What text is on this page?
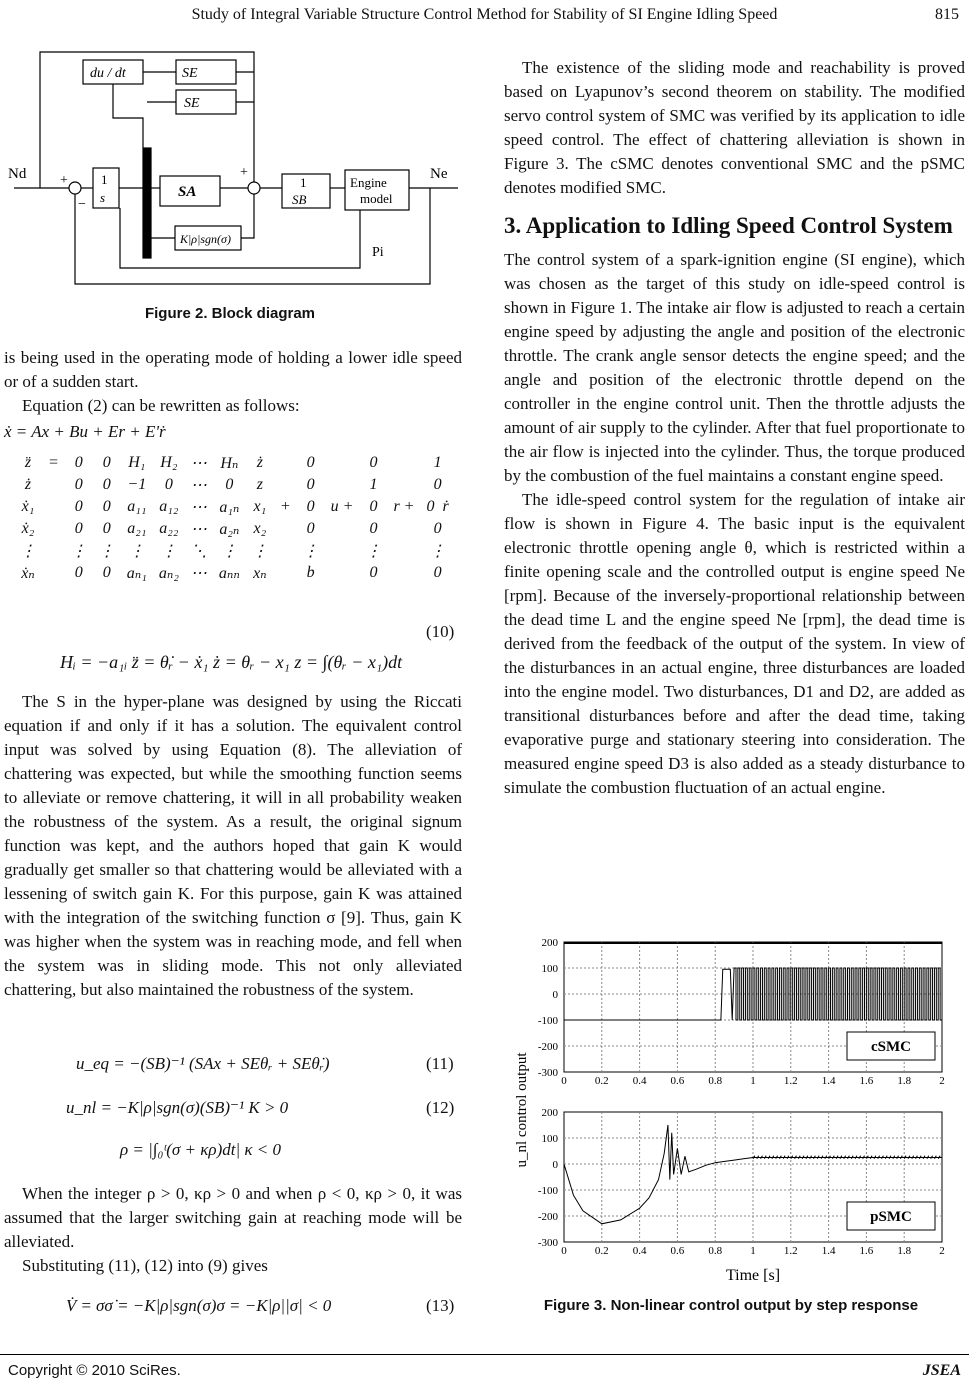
Study of Integral Variable Structure Control Method for Stability of SI Engine Idling Speed	815
du / dt	SE
SE
Nd	Ne
1
s	SA
1
SB
Engine
model
Pi
K|ρ|sgn(σ)
+
−
+
Figure 2. Block diagram

is being used in the operating mode of holding a lower idle speed or of a sudden start.

Equation (2) can be rewritten as follows:

ẋ = Ax + Bu + Er + E'ṙ
z̈	=	0	0	H₁	H₂	⋯	Hₙ	ż		0		0		1
ż		0	0	−1	0	⋯	0	z		0		1		0
ẋ₁		0	0	a₁₁	a₁₂	⋯	a₁ₙ	x₁	+	0	u +	0	r +	0  ṙ
ẋ₂		0	0	a₂₁	a₂₂	⋯	a₂ₙ	x₂		0		0		0
⋮		⋮	⋮	⋮	⋮	⋱	⋮	⋮		⋮		⋮		⋮
ẋₙ		0	0	aₙ₁	aₙ₂	⋯	aₙₙ	xₙ		b		0		0
(10)
Hᵢ = −a₁ᵢ z̈ = θ̇ᵣ − ẋ₁ ż = θᵣ − x₁ z = ∫(θᵣ − x₁)dt

The S in the hyper-plane was designed by using the Riccati equation if and only if it has a solution. The equivalent control input was solved by using Equation (8). The alleviation of chattering was expected, but while the smoothing function seems to alleviate or remove chattering, it will in all probability weaken the robustness of the system. As a result, the original signum function was kept, and the authors hoped that gain K would gradually get smaller so that chattering would be alleviated with a lessening of switch gain K. For this purpose, gain K was attained with the integration of the switching function σ [9]. Thus, gain K was higher when the system was in reaching mode, and fell when the system was in sliding mode. This not only alleviated chattering, but also maintained the robustness of the system.

u_eq = −(SB)⁻¹ (SAx + SEθᵣ + SEθ̇ᵣ)	(11)
u_nl = −K|ρ|sgn(σ)(SB)⁻¹ K > 0	(12)
ρ = |∫₀ᵗ(σ + κρ)dt| κ < 0

When the integer ρ > 0, κρ > 0 and when ρ < 0, κρ > 0, it was assumed that the larger switching gain at reaching mode will be alleviated.

Substituting (11), (12) into (9) gives

V̇ = σσ̇ = −K|ρ|sgn(σ)σ = −K|ρ||σ| < 0	(13)

The existence of the sliding mode and reachability is proved based on Lyapunov’s second theorem on stability. The modified servo control system of SMC was verified by its application to idle speed control. The effect of chattering alleviation is shown in Figure 3. The cSMC denotes conventional SMC and the pSMC denotes modified SMC.

3. Application to Idling Speed Control System

The control system of a spark-ignition engine (SI engine), which was chosen as the target of this study on idle-speed control is shown in Figure 1. The intake air flow is adjusted to reach a certain engine speed by adjusting the angle and position of the electronic throttle. The crank angle sensor detects the engine speed; and the angle and position of the electronic throttle depend on the controller in the engine control unit. Then the throttle adjusts the amount of air supply to the cylinder. After that fuel proportionate to the air flow is injected into the cylinder. Thus, the torque produced by the combustion of the fuel maintains a constant engine speed.

The idle-speed control system for the regulation of intake air flow is shown in Figure 4. The basic input is the equivalent electronic throttle opening angle θ, which is restricted within a finite opening scale and the controlled output is engine speed Ne [rpm]. Because of the inversely-proportional relationship between the dead time L and the engine speed Ne [rpm], the dead time is derived from the feedback of the output of the system. In view of the disturbances in an actual engine, three disturbances are loaded into the engine model. Two disturbances, D1 and D2, are added as transitional disturbances before and after the dead time, taking evaporative purge and stationary steering into consideration. The measured engine speed D3 is also added as a steady disturbance to simulate the combustion fluctuation of an actual engine.

200
100
0
-100
-200
-300
0	0.2 0.4 0.6 0.8	1	1.2 1.4 1.6 1.8	2
cSMC
200
100
0
-100
-200
-300
0	0.2 0.4 0.6 0.8	1	1.2 1.4 1.6 1.8	2
pSMC
u_nl control output
Time [s]
Figure 3. Non-linear control output by step response
Copyright © 2010 SciRes.	JSEA
